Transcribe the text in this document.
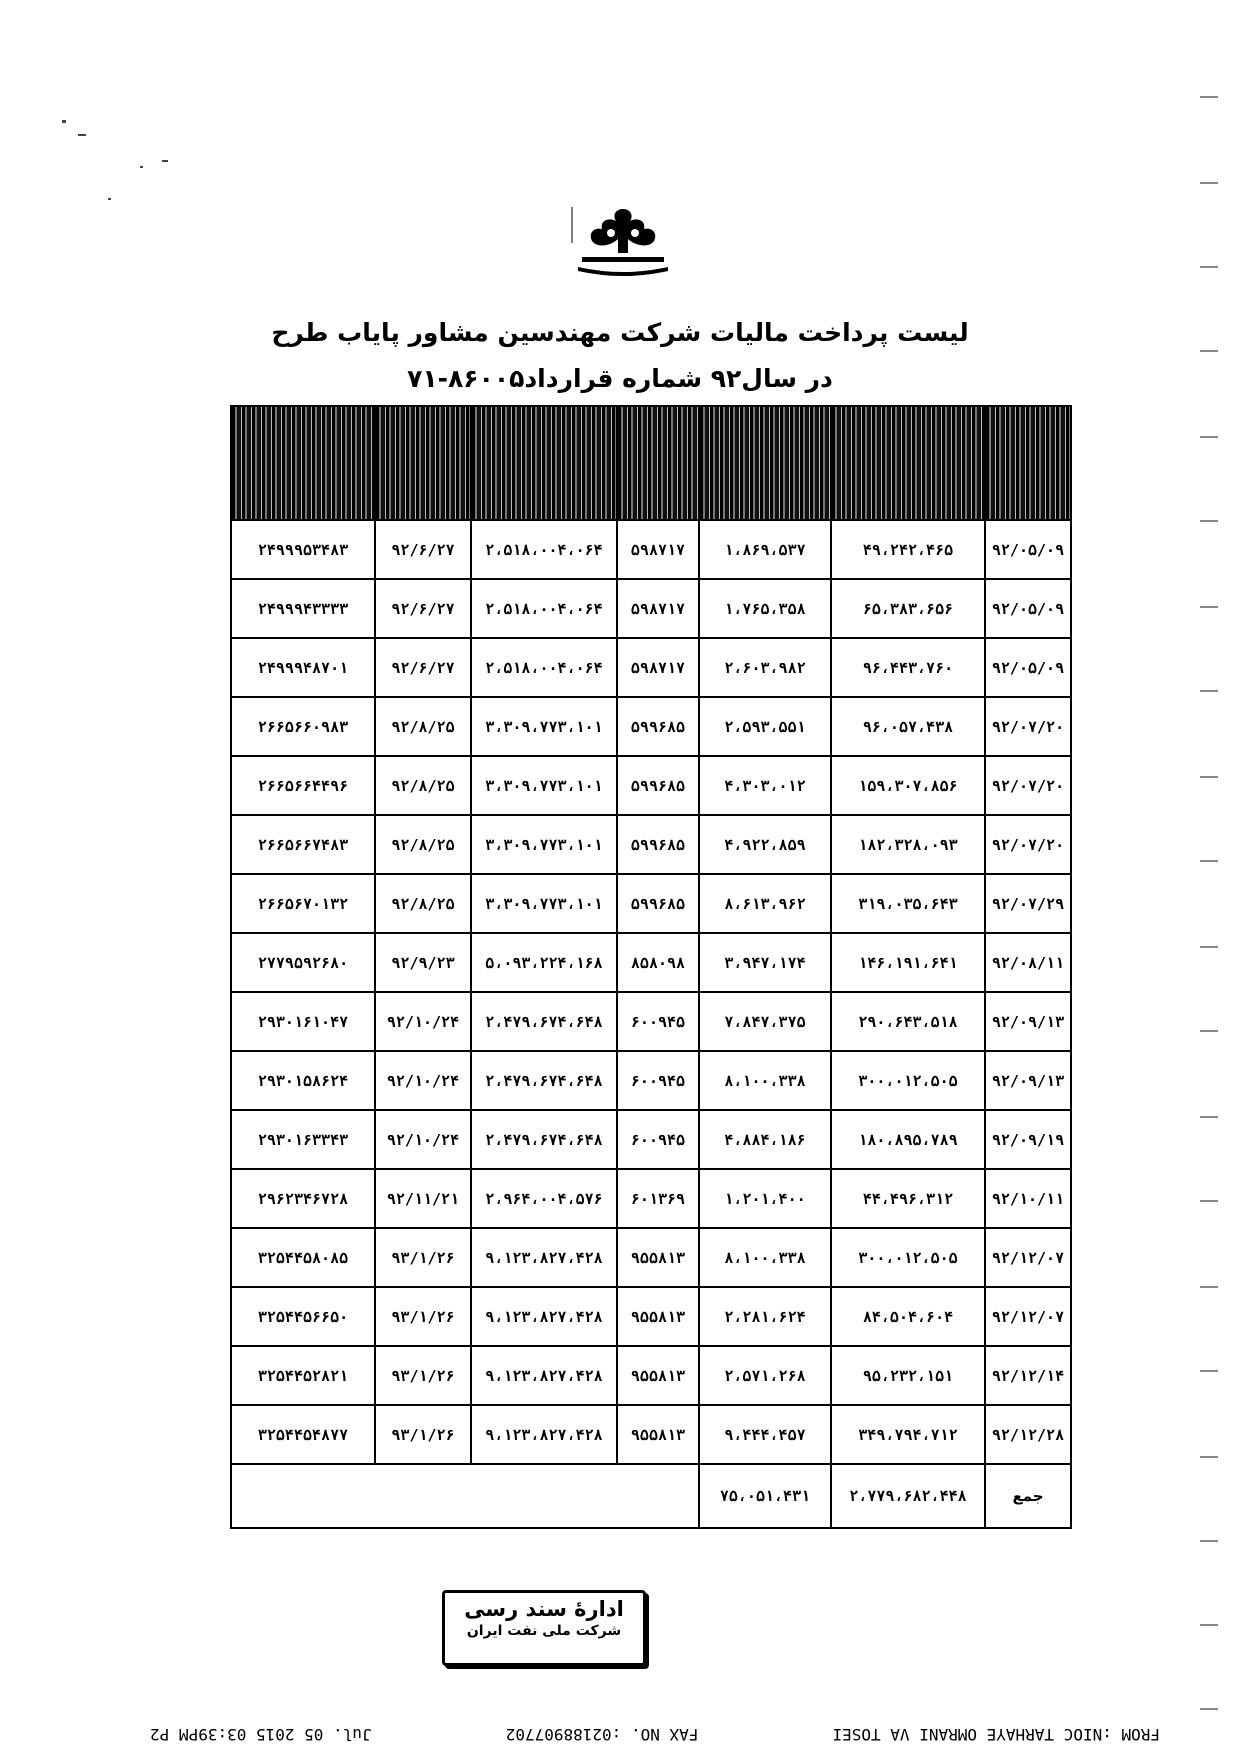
لیست پرداخت مالیات شرکت مهندسین مشاور پایاب طرح
در سال۹۲ شماره قرارداد۸۶۰۰۵-۷۱

۹۲/۰۵/۰۹	۴۹،۲۴۲،۴۶۵	۱،۸۶۹،۵۳۷	۵۹۸۷۱۷	۲،۵۱۸،۰۰۴،۰۶۴	۹۲/۶/۲۷	۲۴۹۹۹۵۳۴۸۳
۹۲/۰۵/۰۹	۶۵،۳۸۳،۶۵۶	۱،۷۶۵،۳۵۸	۵۹۸۷۱۷	۲،۵۱۸،۰۰۴،۰۶۴	۹۲/۶/۲۷	۲۴۹۹۹۴۳۳۳۳
۹۲/۰۵/۰۹	۹۶،۴۴۳،۷۶۰	۲،۶۰۳،۹۸۲	۵۹۸۷۱۷	۲،۵۱۸،۰۰۴،۰۶۴	۹۲/۶/۲۷	۲۴۹۹۹۴۸۷۰۱
۹۲/۰۷/۲۰	۹۶،۰۵۷،۴۳۸	۲،۵۹۳،۵۵۱	۵۹۹۶۸۵	۳،۳۰۹،۷۷۳،۱۰۱	۹۲/۸/۲۵	۲۶۶۵۶۶۰۹۸۳
۹۲/۰۷/۲۰	۱۵۹،۳۰۷،۸۵۶	۴،۳۰۳،۰۱۲	۵۹۹۶۸۵	۳،۳۰۹،۷۷۳،۱۰۱	۹۲/۸/۲۵	۲۶۶۵۶۶۴۴۹۶
۹۲/۰۷/۲۰	۱۸۲،۳۲۸،۰۹۳	۴،۹۲۲،۸۵۹	۵۹۹۶۸۵	۳،۳۰۹،۷۷۳،۱۰۱	۹۲/۸/۲۵	۲۶۶۵۶۶۷۴۸۳
۹۲/۰۷/۲۹	۳۱۹،۰۳۵،۶۴۳	۸،۶۱۳،۹۶۲	۵۹۹۶۸۵	۳،۳۰۹،۷۷۳،۱۰۱	۹۲/۸/۲۵	۲۶۶۵۶۷۰۱۳۲
۹۲/۰۸/۱۱	۱۴۶،۱۹۱،۶۴۱	۳،۹۴۷،۱۷۴	۸۵۸۰۹۸	۵،۰۹۳،۲۲۴،۱۶۸	۹۲/۹/۲۳	۲۷۷۹۵۹۲۶۸۰
۹۲/۰۹/۱۳	۲۹۰،۶۴۳،۵۱۸	۷،۸۴۷،۳۷۵	۶۰۰۹۴۵	۲،۴۷۹،۶۷۴،۶۴۸	۹۲/۱۰/۲۴	۲۹۳۰۱۶۱۰۴۷
۹۲/۰۹/۱۳	۳۰۰،۰۱۲،۵۰۵	۸،۱۰۰،۳۳۸	۶۰۰۹۴۵	۲،۴۷۹،۶۷۴،۶۴۸	۹۲/۱۰/۲۴	۲۹۳۰۱۵۸۶۲۴
۹۲/۰۹/۱۹	۱۸۰،۸۹۵،۷۸۹	۴،۸۸۴،۱۸۶	۶۰۰۹۴۵	۲،۴۷۹،۶۷۴،۶۴۸	۹۲/۱۰/۲۴	۲۹۳۰۱۶۳۳۴۳
۹۲/۱۰/۱۱	۴۴،۴۹۶،۳۱۲	۱،۲۰۱،۴۰۰	۶۰۱۳۶۹	۲،۹۶۴،۰۰۴،۵۷۶	۹۲/۱۱/۲۱	۲۹۶۲۳۴۶۷۲۸
۹۲/۱۲/۰۷	۳۰۰،۰۱۲،۵۰۵	۸،۱۰۰،۳۳۸	۹۵۵۸۱۳	۹،۱۲۳،۸۲۷،۴۲۸	۹۳/۱/۲۶	۳۲۵۴۴۵۸۰۸۵
۹۲/۱۲/۰۷	۸۴،۵۰۴،۶۰۴	۲،۲۸۱،۶۲۴	۹۵۵۸۱۳	۹،۱۲۳،۸۲۷،۴۲۸	۹۳/۱/۲۶	۳۲۵۴۴۵۶۶۵۰
۹۲/۱۲/۱۴	۹۵،۲۳۲،۱۵۱	۲،۵۷۱،۲۶۸	۹۵۵۸۱۳	۹،۱۲۳،۸۲۷،۴۲۸	۹۳/۱/۲۶	۳۲۵۴۴۵۲۸۲۱
۹۲/۱۲/۲۸	۳۴۹،۷۹۴،۷۱۲	۹،۴۴۴،۴۵۷	۹۵۵۸۱۳	۹،۱۲۳،۸۲۷،۴۲۸	۹۳/۱/۲۶	۳۲۵۴۴۵۴۸۷۷
جمع	۲،۷۷۹،۶۸۲،۴۴۸	۷۵،۰۵۱،۴۳۱				
ادارهٔ سند رسی
شرکت ملی نفت ایران
FROM :NIOC TARHAYE OMRANI VA TOSEI
FAX NO. :02188907702
Jul. 05 2015 03:39PM P2
